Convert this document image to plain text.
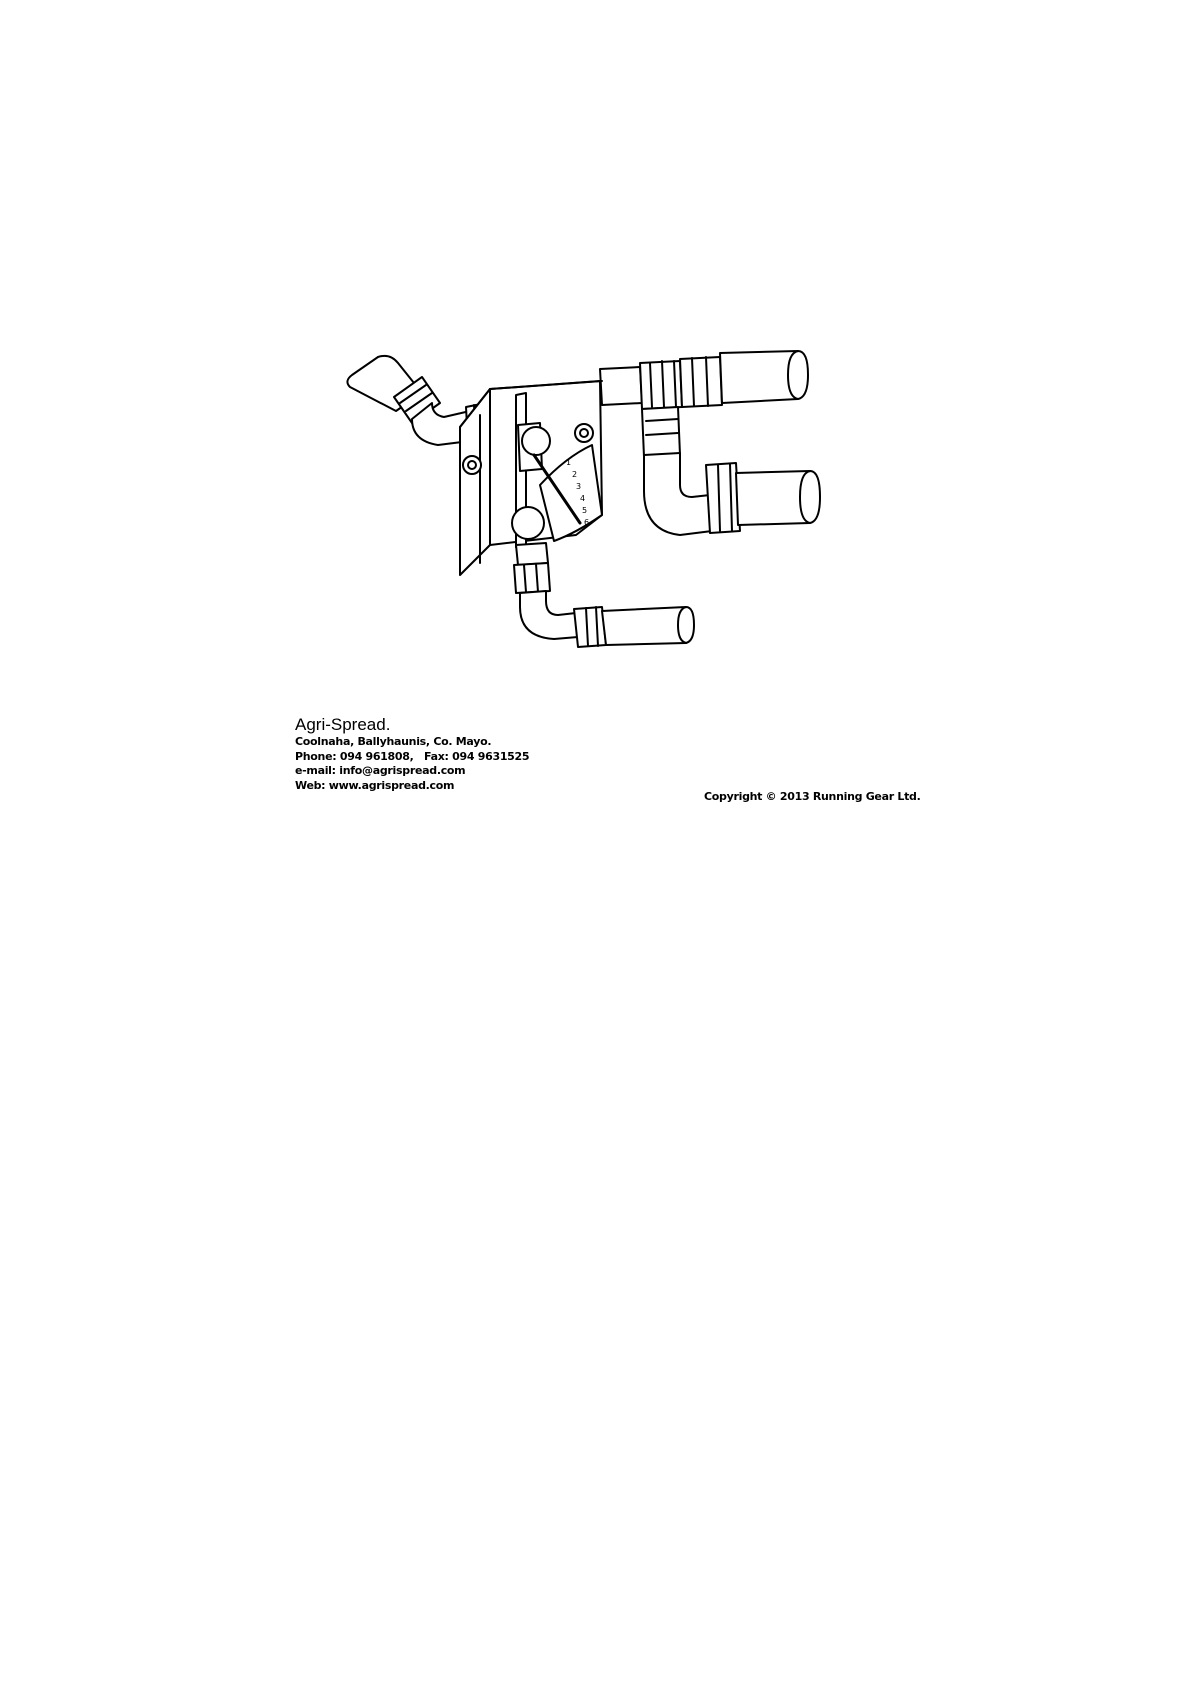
1
2
3
4
5
6

Agri-Spread.

Coolnaha, Ballyhaunis, Co. Mayo.

Phone: 094 961808,   Fax: 094 9631525

e-mail: info@agrispread.com

Web: www.agrispread.com

Copyright © 2013 Running Gear Ltd.
